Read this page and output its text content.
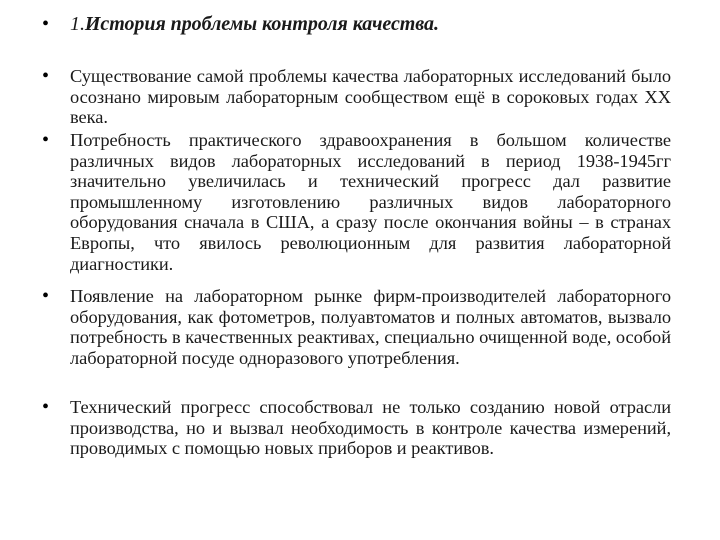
• 1.История проблемы контроля качества.

• Существование самой проблемы качества лабораторных исследований было осознано мировым лабораторным сообществом ещё в сороковых годах XX века.

• Потребность практического здравоохранения в большом количестве различных видов лабораторных исследований в период 1938-1945гг значительно увеличилась и технический прогресс дал развитие промышленному изготовлению различных видов лабораторного оборудования сначала в США, а сразу после окончания войны – в странах Европы, что явилось революционным для развития лабораторной диагностики.

• Появление на лабораторном рынке фирм-производителей лабораторного оборудования, как фотометров, полуавтоматов и полных автоматов, вызвало потребность в качественных реактивах, специально очищенной воде, особой лабораторной посуде одноразового употребления.

• Технический прогресс способствовал не только созданию новой отрасли производства, но и вызвал необходимость в контроле качества измерений, проводимых с помощью новых приборов и реактивов.
